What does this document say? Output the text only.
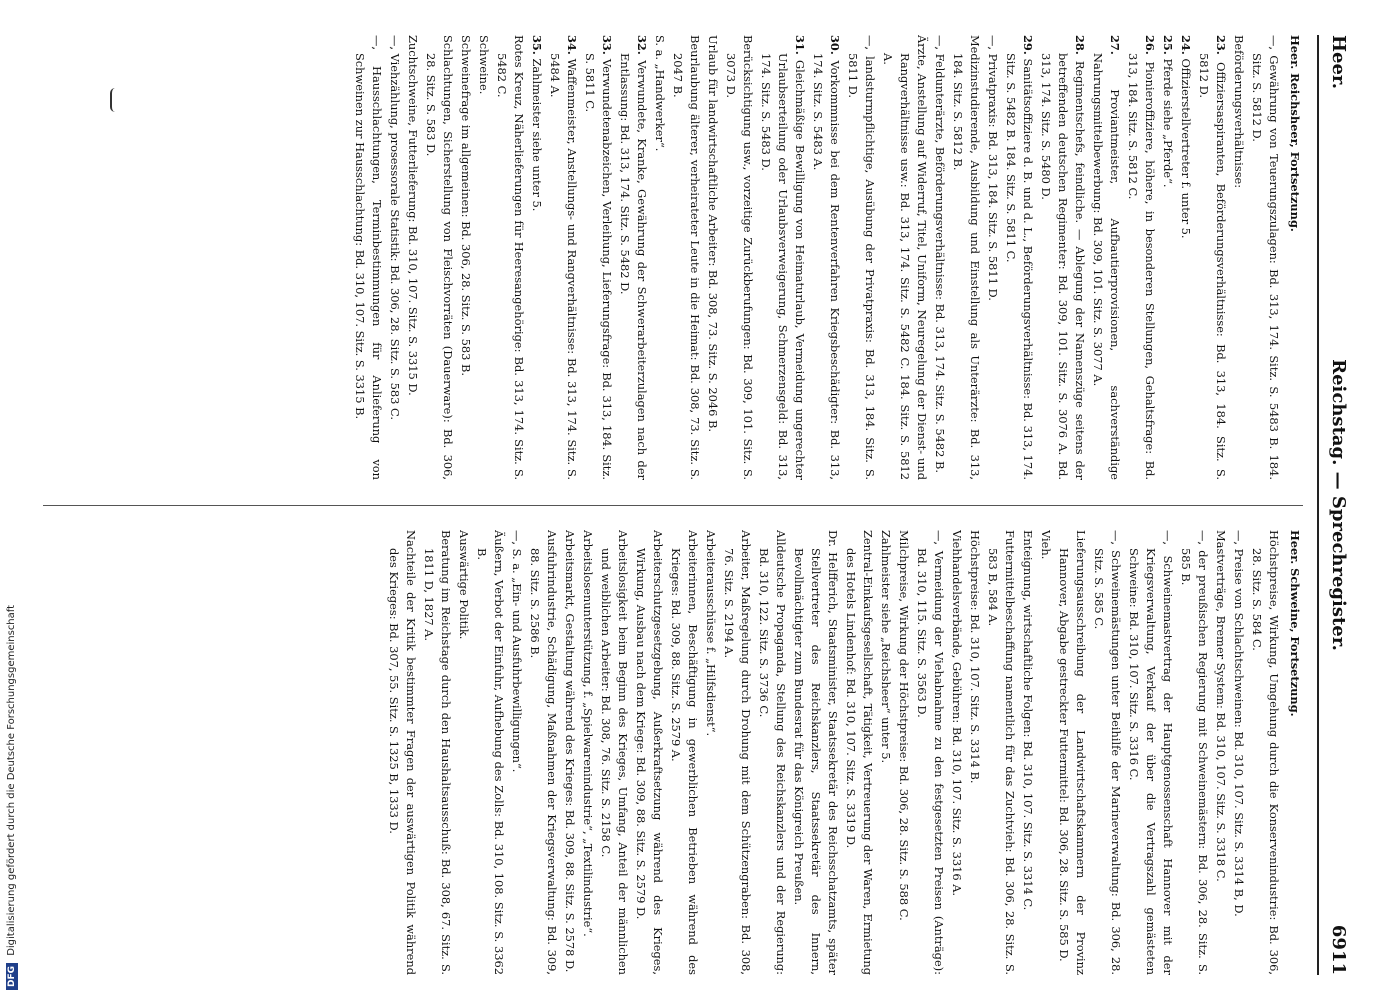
Heer.
Reichstag. — Sprechregister.
6911
Heer. Reichsheer, Fortsetzung.
—, Gewährung von Teuerungszulagen: Bd. 313, 174. Sitz. S. 5483 B. 184. Sitz. S. 5812 D.
Beförderungsverhältnisse:
23. Offiziersaspiranten, Beförderungsverhältnisse: Bd. 313, 184. Sitz. S. 5812 D.
24. Offizierstellvertreter f. unter 5.
25. Pferde siehe „Pferde“.
26. Pionieroffiziere, höhere, in besonderen Stellungen, Gehaltsfrage: Bd. 313, 184. Sitz. S. 5812 C.
27. Proviantmeister, Aufbautierprovisionen, sachverständige Nahrungsmittelbewerbung: Bd. 309, 101. Sitz. S. 3077 A.
28. Regimentschefs, feindliche. — Ablegung der Namenszüge seitens der betreffenden deutschen Regimenter: Bd. 309, 101. Sitz. S. 3076 A. Bd. 313, 174. Sitz. S. 5480 D.
29. Sanitätsoffiziere d. B. und d. L., Beförderungsverhältnisse: Bd. 313, 174. Sitz. S. 5482 B. 184. Sitz. S. 5811 C.
—, Privatpraxis: Bd. 313, 184. Sitz. S. 5811 D.
Medizinstudierende, Ausbildung und Einstellung als Unterärzte: Bd. 313, 184. Sitz. S. 5812 B.
—, Feldunterärzte, Beförderungsverhältnisse: Bd. 313, 174. Sitz. S. 5482 B.
Ärzte, Anstellung auf Widerruf, Titel, Uniform, Neuregelung der Dienst- und Rangverhältnisse usw.: Bd. 313, 174. Sitz. S. 5482 C. 184. Sitz. S. 5812 A.
—, landsturmpflichtige, Ausübung der Privatpraxis: Bd. 313, 184. Sitz. S. 5811 D.
30. Vorkommnisse bei dem Rentenverfahren Kriegsbeschädigter: Bd. 313, 174. Sitz. S. 5483 A.
31. Gleichmäßige Bewilligung von Heimaturlaub, Vermeidung ungerechter Urlaubserteilung oder Urlaubsverweigerung, Schmerzensgeld: Bd. 313, 174. Sitz. S. 5483 D.
Berücksichtigung usw., vorzeitige Zurückberufungen: Bd. 309, 101. Sitz. S. 3073 D.
Urlaub für landwirtschaftliche Arbeiter: Bd. 308, 73. Sitz. S. 2046 B.
Beurlaubung älterer, verheirateter Leute in die Heimat: Bd. 308, 73. Sitz. S. 2047 B.
S. a. „Handwerker“.
32. Verwundete, Kranke, Gewährung der Schwerarbeiterzulagen nach der Entlassung: Bd. 313, 174. Sitz. S. 5482 D.
33. Verwundetenabzeichen, Verleihung, Lieferungsfrage: Bd. 313, 184. Sitz. S. 5811 C.
34. Waffenmeister, Anstellungs- und Rangverhältnisse: Bd. 313, 174. Sitz. S. 5484 A.
35. Zahlmeister siehe unter 5.
Rotes Kreuz, Näherlieferungen für Heeresangehörige: Bd. 313, 174. Sitz. S. 5482 C.
Schweine.
Schweinefrage im allgemeinen: Bd. 306, 28. Sitz. S. 583 B.
Schlachtungen, Sicherstellung von Fleischvorräten (Dauerware): Bd. 306, 28. Sitz. S. 583 D.
Zuchtschweine, Futterlieferung: Bd. 310, 107. Sitz. S. 3315 D.
—, Viehzählung, prosessorale Statistik: Bd. 306, 28. Sitz. S. 583 C.
—, Hausschlachtungen, Terminbestimmungen für Anlieferung von Schweinen zur Hausschlachtung: Bd. 310, 107. Sitz. S. 3315 B.
Heer. Schweine, Fortsetzung.
Höchstpreise, Wirkung, Umgehung durch die Konservenindustrie: Bd. 306, 28. Sitz. S. 584 C.
—, Preise von Schlachtschweinen: Bd. 310, 107. Sitz. S. 3314 B, D.
Mastverträge, Bremer System: Bd. 310, 107. Sitz. S. 3318 C.
—, der preußischen Regierung mit Schweinemästern: Bd. 306, 28. Sitz. S. 585 B.
—, Schweinemastvertrag der Hauptgenossenschaft Hannover mit der Kriegsverwaltung, Verkauf der über die Vertragszahl gemästeten Schweine: Bd. 310, 107. Sitz. S. 3316 C.
—, Schweinemästungen unter Beihilfe der Marineverwaltung: Bd. 306, 28. Sitz. S. 585 C.
Lieferungsausschreibung der Landwirtschaftskammern der Provinz Hannover, Abgabe gestreckter Futtermittel: Bd. 306, 28. Sitz. S. 585 D.
Vieh.
Enteignung, wirtschaftliche Folgen: Bd. 310, 107. Sitz. S. 3314 C.
Futtermittelbeschaffung namentlich für das Zuchtvieh: Bd. 306, 28. Sitz. S. 583 B, 584 A.
Höchstpreise: Bd. 310, 107. Sitz. S. 3314 B.
Viehhandelsverbände, Gebühren: Bd. 310, 107. Sitz. S. 3316 A.
—, Vermeidung der Viehabnahme zu den festgesetzten Preisen (Anträge): Bd. 310, 115. Sitz. S. 3563 D.
Milchpreise, Wirkung der Höchstpreise: Bd. 306, 28. Sitz. S. 588 C.
Zahlmeister siehe „Reichsheer“ unter 5.
Zentral-Einkaufsgesellschaft, Tätigkeit, Vertreuerung der Waren, Ermietung des Hotels Lindenhof: Bd. 310, 107. Sitz. S. 3319 D.
Dr. Helfferich, Staatsminister, Staatssekretär des Reichsschatzamts, später Stellvertreter des Reichskanzlers, Staatssekretär des Innern, Bevollmächtigter zum Bundesrat für das Königreich Preußen.
Alldeutsche Propaganda, Stellung des Reichskanzlers und der Regierung: Bd. 310, 122. Sitz. S. 3736 C.
Arbeiter, Maßregelung durch Drohung mit dem Schützengraben: Bd. 308, 76. Sitz. S. 2194 A.
Arbeiterausschüsse f. „Hilfsdienst“.
Arbeiterinnen, Beschäftigung in gewerblichen Betrieben während des Krieges: Bd. 309, 88. Sitz. S. 2579 A.
Arbeiterschutzgesetzgebung, Außerkraftsetzung während des Krieges, Wirkung, Ausbau nach dem Kriege: Bd. 309, 88. Sitz. S. 2579 D.
Arbeitslosigkeit beim Beginn des Krieges, Umfang, Anteil der männlichen und weiblichen Arbeiter: Bd. 308, 76. Sitz. S. 2158 C.
Arbeitslosenunterstützung, f. „Spielwarenindustrie“, „Textilindustrie“.
Arbeitsmarkt, Gestaltung während des Krieges: Bd. 309, 88. Sitz. S. 2578 D.
Ausfuhrindustrie, Schädigung, Maßnahmen der Kriegsverwaltung: Bd. 309, 88. Sitz. S. 2586 B.
—, S. a. „Ein- und Ausfuhrbewilligungen“.
Äußern, Verbot der Einfuhr, Aufhebung des Zolls: Bd. 310, 108. Sitz. S. 3362 B.
Auswärtige Politik.
Beratung im Reichstage durch den Haushaltsausschuß: Bd. 308, 67. Sitz. S. 1811 D, 1827 A.
Nachteile der Kritik bestimmter Fragen der auswärtigen Politik während des Krieges: Bd. 307, 55. Sitz. S. 1325 B, 1333 D.
DFG Digitalisierung gefördert durch die Deutsche Forschungsgemeinschaft
